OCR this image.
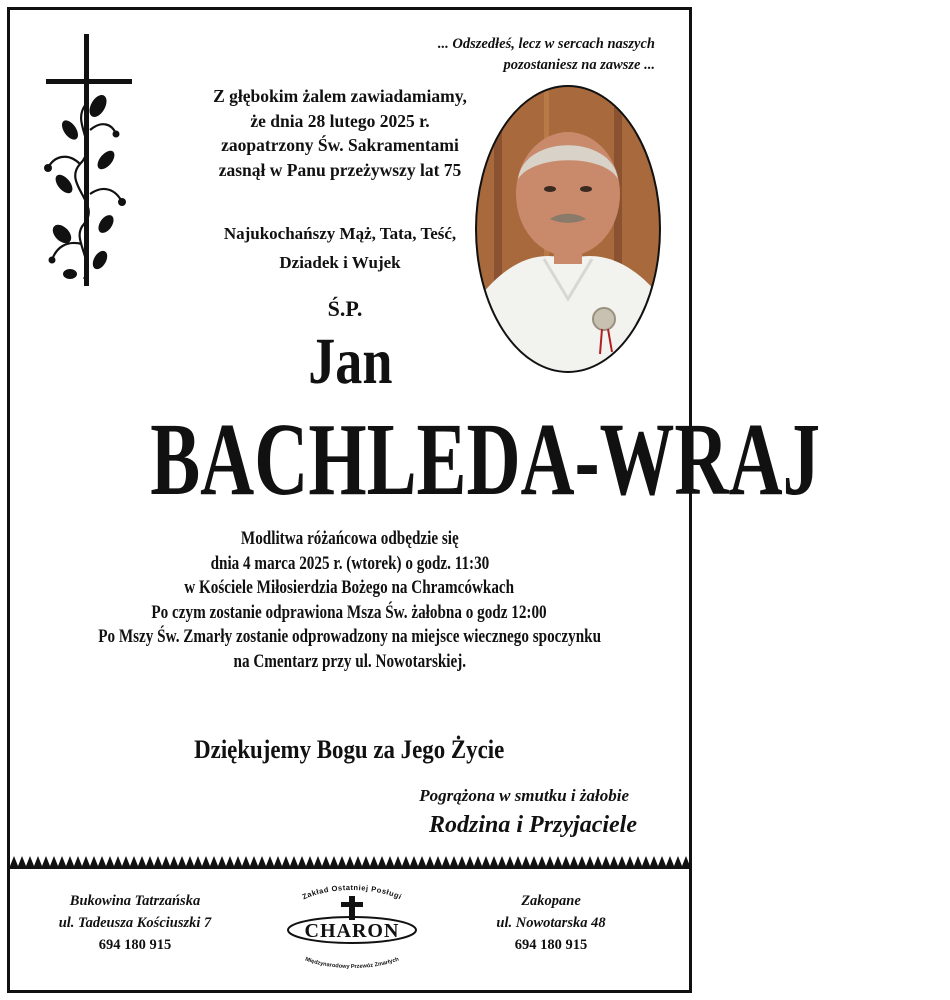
... Odszedłeś, lecz w sercach naszych
pozostaniesz na zawsze ...
Z głębokim żalem zawiadamiamy,
że dnia 28 lutego 2025 r.
zaopatrzony Św. Sakramentami
zasnął w Panu przeżywszy lat 75
Najukochańszy Mąż, Tata, Teść,
Dziadek i Wujek
Ś.P.
Jan
BACHLEDA-WRAJ
Modlitwa różańcowa odbędzie się
dnia 4 marca 2025 r. (wtorek) o godz. 11:30
w Kościele Miłosierdzia Bożego na Chramcówkach
Po czym zostanie odprawiona Msza Św. żałobna o godz 12:00
Po Mszy Św. Zmarły zostanie odprowadzony na miejsce wiecznego spoczynku
na Cmentarz przy ul. Nowotarskiej.
Dziękujemy Bogu za Jego Życie
Pogrążona w smutku i żałobie
Rodzina i Przyjaciele
Bukowina Tatrzańska
ul. Tadeusza Kościuszki 7
694 180 915
Zakopane
ul. Nowotarska 48
694 180 915
Zakład Ostatniej Posługi
CHARON
Międzynarodowy Przewóz Zmarłych
